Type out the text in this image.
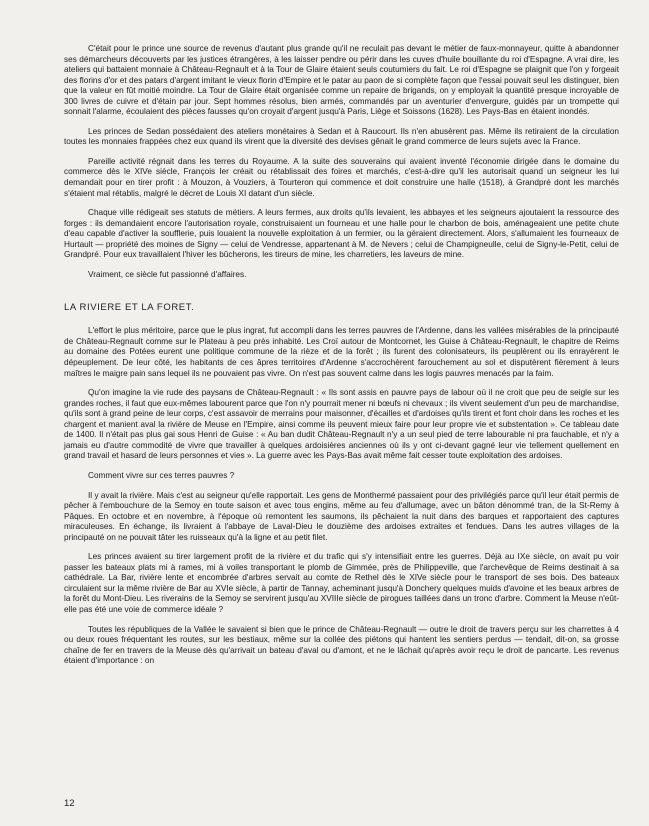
C'était pour le prince une source de revenus d'autant plus grande qu'il ne reculait pas devant le métier de faux-monnayeur, quitte à abandonner ses démarcheurs découverts par les justices étrangères, à les laisser pendre ou périr dans les cuves d'huile bouillante du roi d'Espagne. A vrai dire, les ateliers qui battaient monnaie à Château-Regnault et à la Tour de Glaire étaient seuls coutumiers du fait. Le roi d'Espagne se plaignit que l'on y forgeait des florins d'or et des patars d'argent imitant le vieux florin d'Empire et le patar au paon de si complète façon que l'essai pouvait seul les distinguer, bien que la valeur en fût moitié moindre. La Tour de Glaire était organisée comme un repaire de brigands, on y employait la quantité presque incroyable de 300 livres de cuivre et d'étain par jour. Sept hommes résolus, bien armés, commandés par un aventurier d'envergure, guidés par un trompette qui sonnait l'alarme, écoulaient des pièces fausses qu'on croyait d'argent jusqu'à Paris, Liège et Soissons (1628). Les Pays-Bas en étaient inondés.

Les princes de Sedan possédaient des ateliers monétaires à Sedan et à Raucourt. Ils n'en abusèrent pas. Même ils retiraient de la circulation toutes les monnaies frappées chez eux quand ils virent que la diversité des devises gênait le grand commerce de leurs sujets avec la France.

Pareille activité régnait dans les terres du Royaume. A la suite des souverains qui avaient inventé l'économie dirigée dans le domaine du commerce dès le XIVe siècle, François Ier créait ou rétablissait des foires et marchés, c'est-à-dire qu'il les autorisait quand un seigneur les lui demandait pour en tirer profit : à Mouzon, à Vouziers, à Tourteron qui commence et doit construire une halle (1518), à Grandpré dont les marchés s'étaient mal rétablis, malgré le décret de Louis XI datant d'un siècle.

Chaque ville rédigeait ses statuts de métiers. A leurs fermes, aux droits qu'ils levaient, les abbayes et les seigneurs ajoutaient la ressource des forges : ils demandaient encore l'autorisation royale, construisaient un fourneau et une halle pour le charbon de bois, aménageaient une petite chute d'eau capable d'activer la soufflerie, puis louaient la nouvelle exploitation à un fermier, ou la géraient directement. Alors, s'allumaient les fourneaux de Hurtault — propriété des moines de Signy — celui de Vendresse, appartenant à M. de Nevers ; celui de Champigneulle, celui de Signy-le-Petit, celui de Grandpré. Pour eux travaillaient l'hiver les bûcherons, les tireurs de mine, les charretiers, les laveurs de mine.

Vraiment, ce siècle fut passionné d'affaires.

LA RIVIERE ET LA FORET.

L'effort le plus méritoire, parce que le plus ingrat, fut accompli dans les terres pauvres de l'Ardenne, dans les vallées misérables de la principauté de Château-Regnault comme sur le Plateau à peu près inhabité. Les Croï autour de Montcornet, les Guise à Château-Regnault, le chapitre de Reims au domaine des Potées eurent une politique commune de la rièze et de la forêt ; ils furent des colonisateurs, ils peuplèrent ou ils enrayèrent le dépeuplement. De leur côté, les habitants de ces âpres territoires d'Ardenne s'accrochèrent farouchement au sol et disputèrent fièrement à leurs maîtres le maigre pain sans lequel ils ne pouvaient pas vivre. On n'est pas souvent calme dans les logis pauvres menacés par la faim.

Qu'on imagine la vie rude des paysans de Château-Regnault : « Ils sont assis en pauvre pays de labour où il ne croit que peu de seigle sur les grandes roches, il faut que eux-mêmes labourent parce que l'on n'y pourrait mener ni bœufs ni chevaux ; ils vivent seulement d'un peu de marchandise, qu'ils sont à grand peine de leur corps, c'est assavoir de merrains pour maisonner, d'écailles et d'ardoises qu'ils tirent et font choir dans les roches et les chargent et manient aval la rivière de Meuse en l'Empire, ainsi comme ils peuvent mieux faire pour leur propre vie et substentation ». Ce tableau date de 1400. Il n'était pas plus gai sous Henri de Guise : « Au ban dudit Château-Regnault n'y a un seul pied de terre labourable ni pra fauchable, et n'y a jamais eu d'autre commodité de vivre que travailler à quelques ardoisières anciennes où ils y ont ci-devant gagné leur vie tellement quellement en grand travail et hasard de leurs personnes et vies ». La guerre avec les Pays-Bas avait même fait cesser toute exploitation des ardoises.

Comment vivre sur ces terres pauvres ?

Il y avait la rivière. Mais c'est au seigneur qu'elle rapportait. Les gens de Monthermé passaient pour des privilégiés parce qu'il leur était permis de pêcher à l'embouchure de la Semoy en toute saison et avec tous engins, même au feu d'allumage, avec un bâton dénommé tran, de la St-Remy à Pâques. En octobre et en novembre, à l'époque où remontent les saumons, ils pêchaient la nuit dans des barques et rapportaient des captures miraculeuses. En échange, ils livraient à l'abbaye de Laval-Dieu le douzième des ardoises extraites et fendues. Dans les autres villages de la principauté on ne pouvait tâter les ruisseaux qu'à la ligne et au petit filet.

Les princes avaient su tirer largement profit de la rivière et du trafic qui s'y intensifiait entre les guerres. Déjà au IXe siècle, on avait pu voir passer les bateaux plats mi à rames, mi à voiles transportant le plomb de Gimmée, près de Philippeville, que l'archevêque de Reims destinait à sa cathédrale. La Bar, rivière lente et encombrée d'arbres servait au comte de Rethel dès le XIVe siècle pour le transport de ses bois. Des bateaux circulaient sur la même rivière de Bar au XVIe siècle, à partir de Tannay, acheminant jusqu'à Donchery quelques muids d'avoine et les beaux arbres de la forêt du Mont-Dieu. Les riverains de la Semoy se servirent jusqu'au XVIIIe siècle de pirogues taillées dans un tronc d'arbre. Comment la Meuse n'eût-elle pas été une voie de commerce idéale ?

Toutes les républiques de la Vallée le savaient si bien que le prince de Château-Regnault — outre le droit de travers perçu sur les charrettes à 4 ou deux roues fréquentant les routes, sur les bestiaux, même sur la collée des piétons qui hantent les sentiers perdus — tendait, dit-on, sa grosse chaîne de fer en travers de la Meuse dès qu'arrivait un bateau d'aval ou d'amont, et ne le lâchait qu'après avoir reçu le droit de pancarte. Les revenus étaient d'importance : on

12
